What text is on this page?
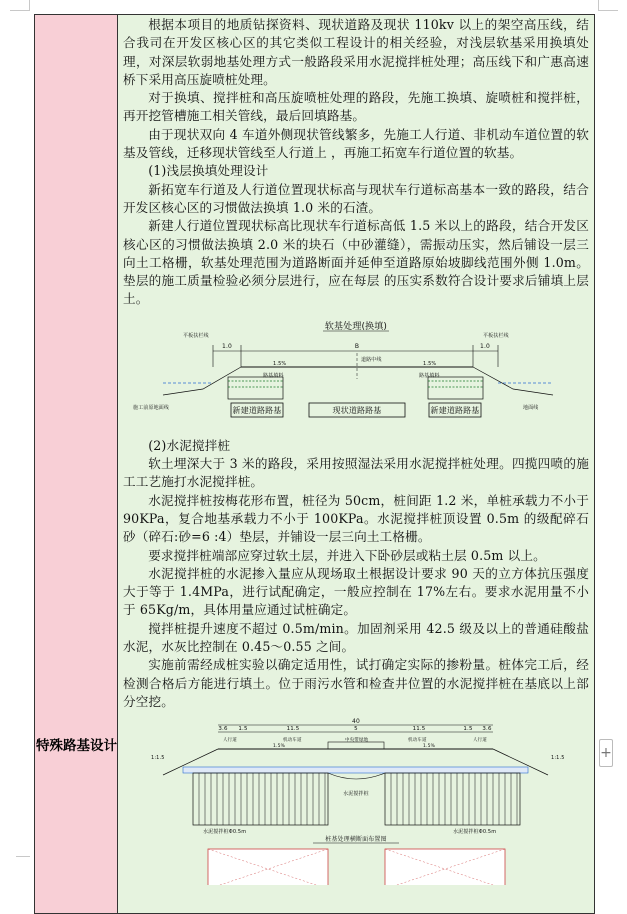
特殊路基设计

根据本项目的地质钻探资料、现状道路及现状 110kv 以上的架空高压线，结合我司在开发区核心区的其它类似工程设计的相关经验，对浅层软基采用换填处理，对深层软弱地基处理方式一般路段采用水泥搅拌桩处理；高压线下和广惠高速桥下采用高压旋喷桩处理。

对于换填、搅拌桩和高压旋喷桩处理的路段，先施工换填、旋喷桩和搅拌桩，再开挖管槽施工相关管线，最后回填路基。

由于现状双向 4 车道外侧现状管线繁多，先施工人行道、非机动车道位置的软基及管线，迁移现状管线至人行道上 ，再施工拓宽车行道位置的软基。

(1)浅层换填处理设计

新拓宽车行道及人行道位置现状标高与现状车行道标高基本一致的路段，结合开发区核心区的习惯做法换填 1.0 米的石渣。

新建人行道位置现状标高比现状车行道标高低 1.5 米以上的路段，结合开发区核心区的习惯做法换填 2.0 米的块石（中砂灌缝），需振动压实，然后铺设一层三向土工格栅，软基处理范围为道路断面并延伸至道路原始坡脚线范围外侧 1.0m。垫层的施工质量检验必须分层进行，应在每层 的压实系数符合设计要求后铺填上层土。

软基处理(换填)
1.0	B	1.0
平板扶栏线	平板扶栏线
道路中线
1.5%	1.5%
路基填料	路基填料
施工前原地面线	地面线
新建道路路基	现状道路路基	新建道路路基

(2)水泥搅拌桩

软土埋深大于 3 米的路段，采用按照湿法采用水泥搅拌桩处理。四揽四喷的施工工艺施打水泥搅拌桩。

水泥搅拌桩按梅花形布置，桩径为 50cm，桩间距 1.2 米，单桩承载力不小于 90KPa，复合地基承载力不小于 100KPa。水泥搅拌桩顶设置 0.5m 的级配碎石砂（碎石:砂=6 :4）垫层，并铺设一层三向土工格栅。

要求搅拌桩端部应穿过软土层，并进入下卧砂层或粘土层 0.5m 以上。

水泥搅拌桩的水泥掺入量应从现场取土根据设计要求 90 天的立方体抗压强度大于等于 1.4MPa，进行试配确定，一般应控制在 17%左右。要求水泥用量不小于 65Kg/m，具体用量应通过试桩确定。

搅拌桩提升速度不超过 0.5m/min。加固剂采用 42.5 级及以上的普通硅酸盐水泥，水灰比控制在 0.45～0.55 之间。

实施前需经成桩实验以确定适用性，试打确定实际的掺粉量。桩体完工后，经检测合格后方能进行填土。位于雨污水管和检查井位置的水泥搅拌桩在基底以上部分空挖。

40
3.6 1.5	11.5	5	11.5	1.5 3.6
人行道	机动车道	中央带绿地	机动车道	人行道
1.5%	1.5%
1:1.5	1:1.5
水泥搅拌桩
水泥搅拌桩Φ0.5m	水泥搅拌桩Φ0.5m
桩基处理横断面布置图
+
